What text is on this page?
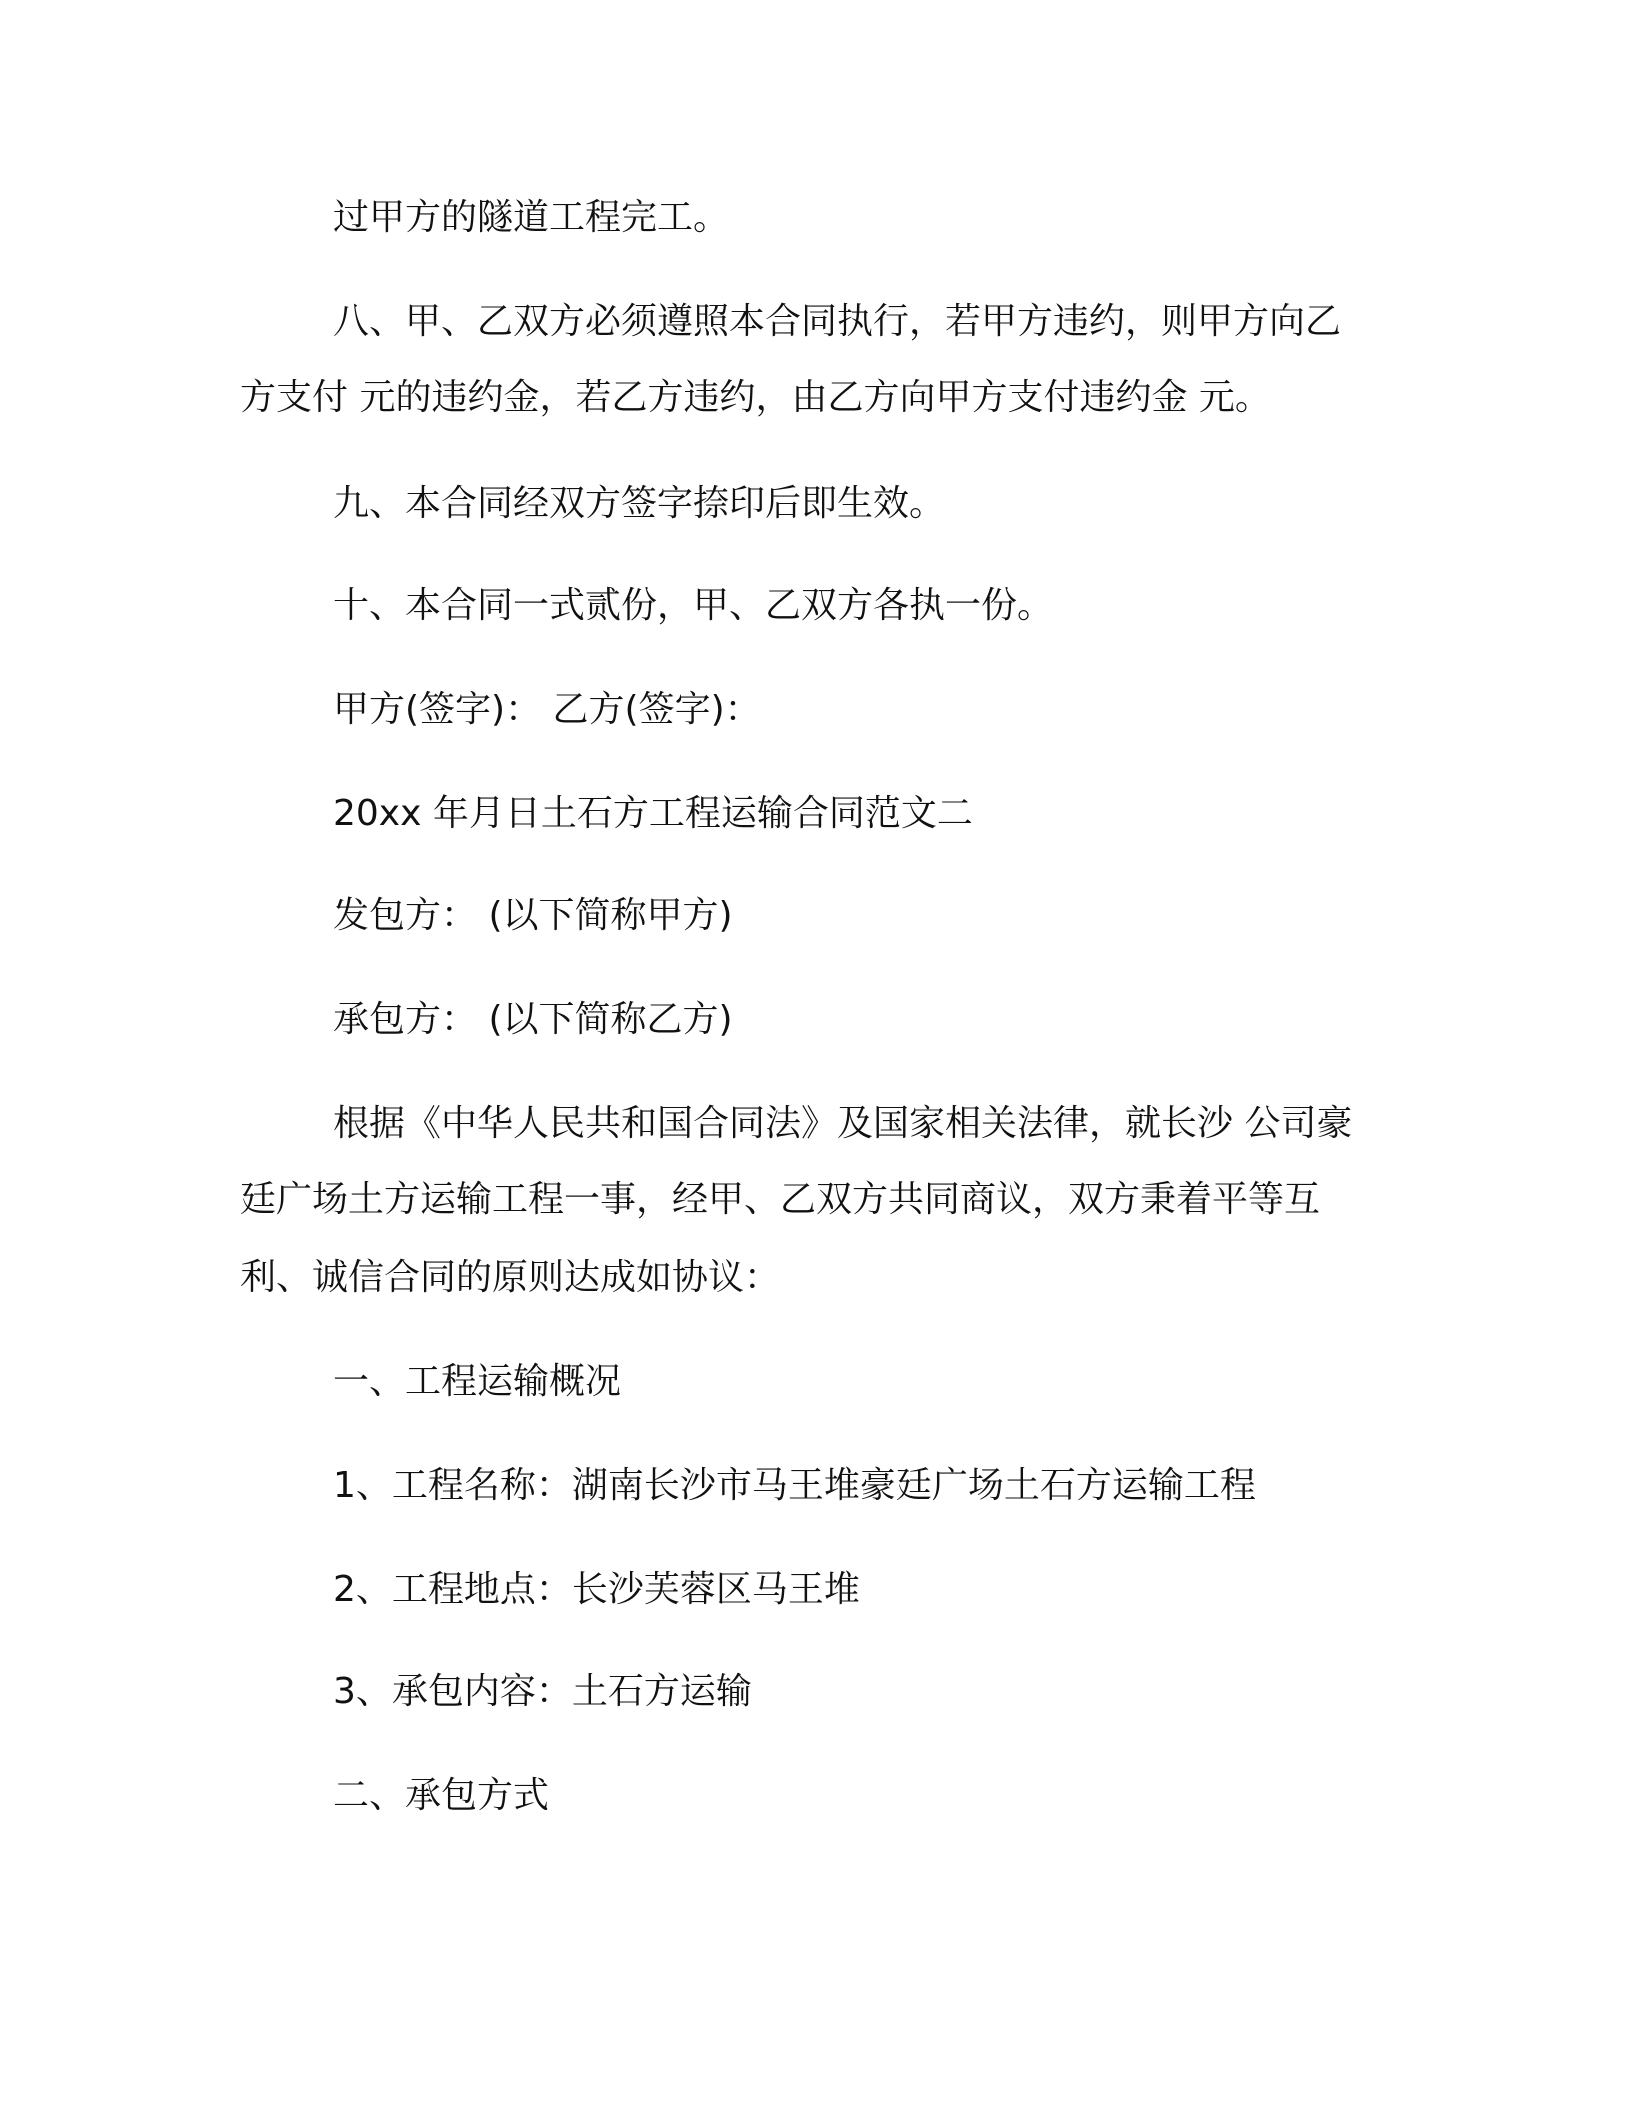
过甲方的隧道工程完工。
八、甲、乙双方必须遵照本合同执行，若甲方违约，则甲方向乙
方支付 元的违约金，若乙方违约，由乙方向甲方支付违约金 元。
九、本合同经双方签字捺印后即生效。
十、本合同一式贰份，甲、乙双方各执一份。
甲方(签字)： 乙方(签字)：
20xx 年月日土石方工程运输合同范文二
发包方： (以下简称甲方)
承包方： (以下简称乙方)
根据《中华人民共和国合同法》及国家相关法律，就长沙 公司豪
廷广场土方运输工程一事，经甲、乙双方共同商议，双方秉着平等互
利、诚信合同的原则达成如协议：
一、工程运输概况
1、工程名称：湖南长沙市马王堆豪廷广场土石方运输工程
2、工程地点：长沙芙蓉区马王堆
3、承包内容：土石方运输
二、承包方式
